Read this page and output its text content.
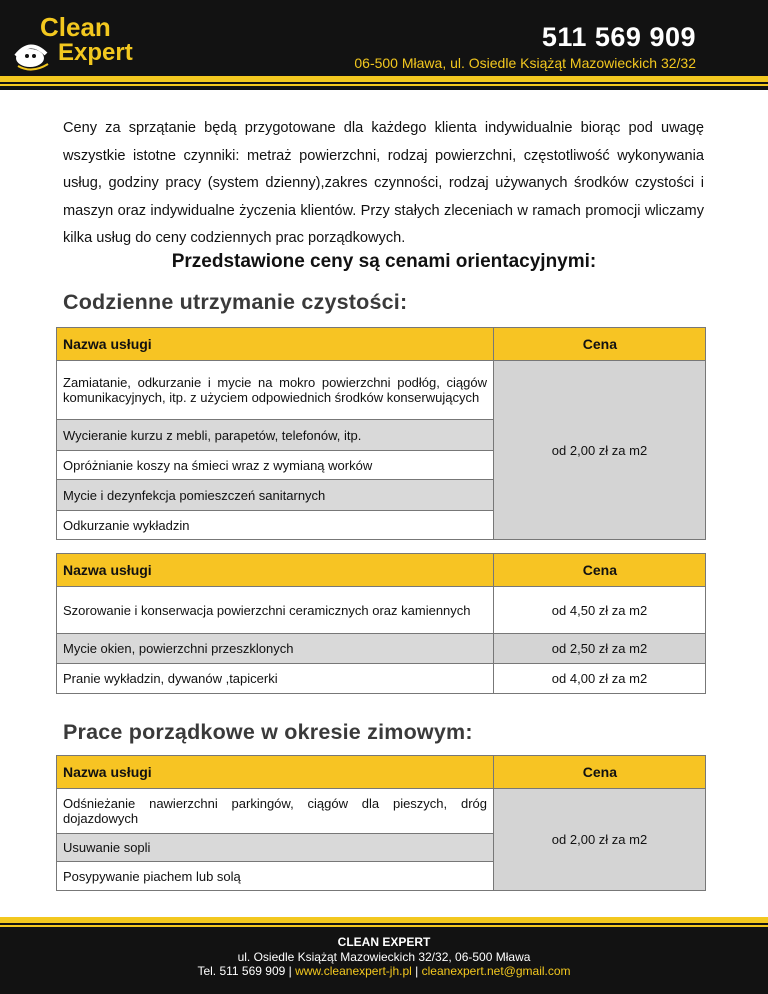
Clean
Expert
511 569 909
06-500 Mława, ul. Osiedle Książąt Mazowieckich 32/32

Ceny za sprzątanie będą przygotowane dla każdego klienta indywidualnie biorąc pod uwagę wszystkie istotne czynniki: metraż powierzchni, rodzaj powierzchni, częstotliwość wykonywania usług, godziny pracy (system dzienny),zakres czynności, rodzaj używanych środków czystości i maszyn oraz indywidualne życzenia klientów. Przy stałych zleceniach w ramach promocji wliczamy kilka usług do ceny codziennych prac porządkowych.

Przedstawione ceny są cenami orientacyjnymi:
Codzienne utrzymanie czystości:
Nazwa usługi	Cena
Zamiatanie, odkurzanie i mycie na mokro powierzchni podłóg, ciągów komunikacyjnych, itp. z użyciem odpowiednich środków konserwujących	od 2,00 zł za m2
Wycieranie kurzu z mebli, parapetów, telefonów, itp.	
Opróżnianie koszy na śmieci wraz z wymianą worków	
Mycie i dezynfekcja pomieszczeń sanitarnych	
Odkurzanie wykładzin	
Nazwa usługi	Cena
Szorowanie i konserwacja powierzchni ceramicznych oraz kamiennych	od 4,50 zł za m2
Mycie okien, powierzchni przeszklonych	od 2,50 zł za m2
Pranie wykładzin, dywanów ,tapicerki	od 4,00 zł za m2
Prace porządkowe w okresie zimowym:
Nazwa usługi	Cena
Odśnieżanie nawierzchni parkingów, ciągów dla pieszych, dróg dojazdowych	od 2,00 zł za m2
Usuwanie sopli	
Posypywanie piachem lub solą	
CLEAN EXPERT
ul. Osiedle Książąt Mazowieckich 32/32, 06-500 Mława
Tel. 511 569 909 | www.cleanexpert-jh.pl | cleanexpert.net@gmail.com
